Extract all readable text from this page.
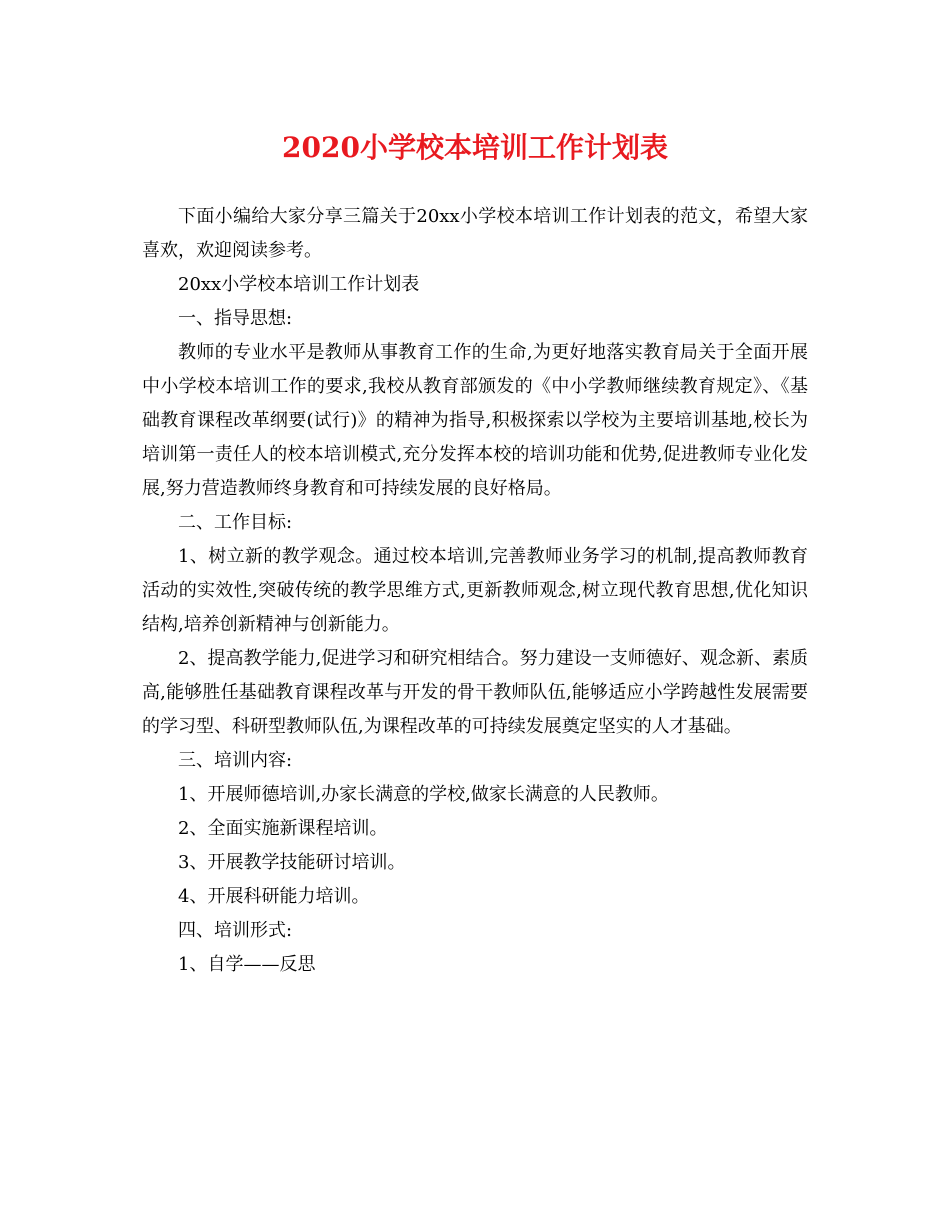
2020小学校本培训工作计划表

下面小编给大家分享三篇关于20xx小学校本培训工作计划表的范文，希望大家喜欢，欢迎阅读参考。

20xx小学校本培训工作计划表

一、指导思想:

教师的专业水平是教师从事教育工作的生命,为更好地落实教育局关于全面开展中小学校本培训工作的要求,我校从教育部颁发的《中小学教师继续教育规定》、《基础教育课程改革纲要(试行)》的精神为指导,积极探索以学校为主要培训基地,校长为培训第一责任人的校本培训模式,充分发挥本校的培训功能和优势,促进教师专业化发展,努力营造教师终身教育和可持续发展的良好格局。

二、工作目标:

1、树立新的教学观念。通过校本培训,完善教师业务学习的机制,提高教师教育活动的实效性,突破传统的教学思维方式,更新教师观念,树立现代教育思想,优化知识结构,培养创新精神与创新能力。

2、提高教学能力,促进学习和研究相结合。努力建设一支师德好、观念新、素质高,能够胜任基础教育课程改革与开发的骨干教师队伍,能够适应小学跨越性发展需要的学习型、科研型教师队伍,为课程改革的可持续发展奠定坚实的人才基础。

三、培训内容:

1、开展师德培训,办家长满意的学校,做家长满意的人民教师。

2、全面实施新课程培训。

3、开展教学技能研讨培训。

4、开展科研能力培训。

四、培训形式:

1、自学——反思
